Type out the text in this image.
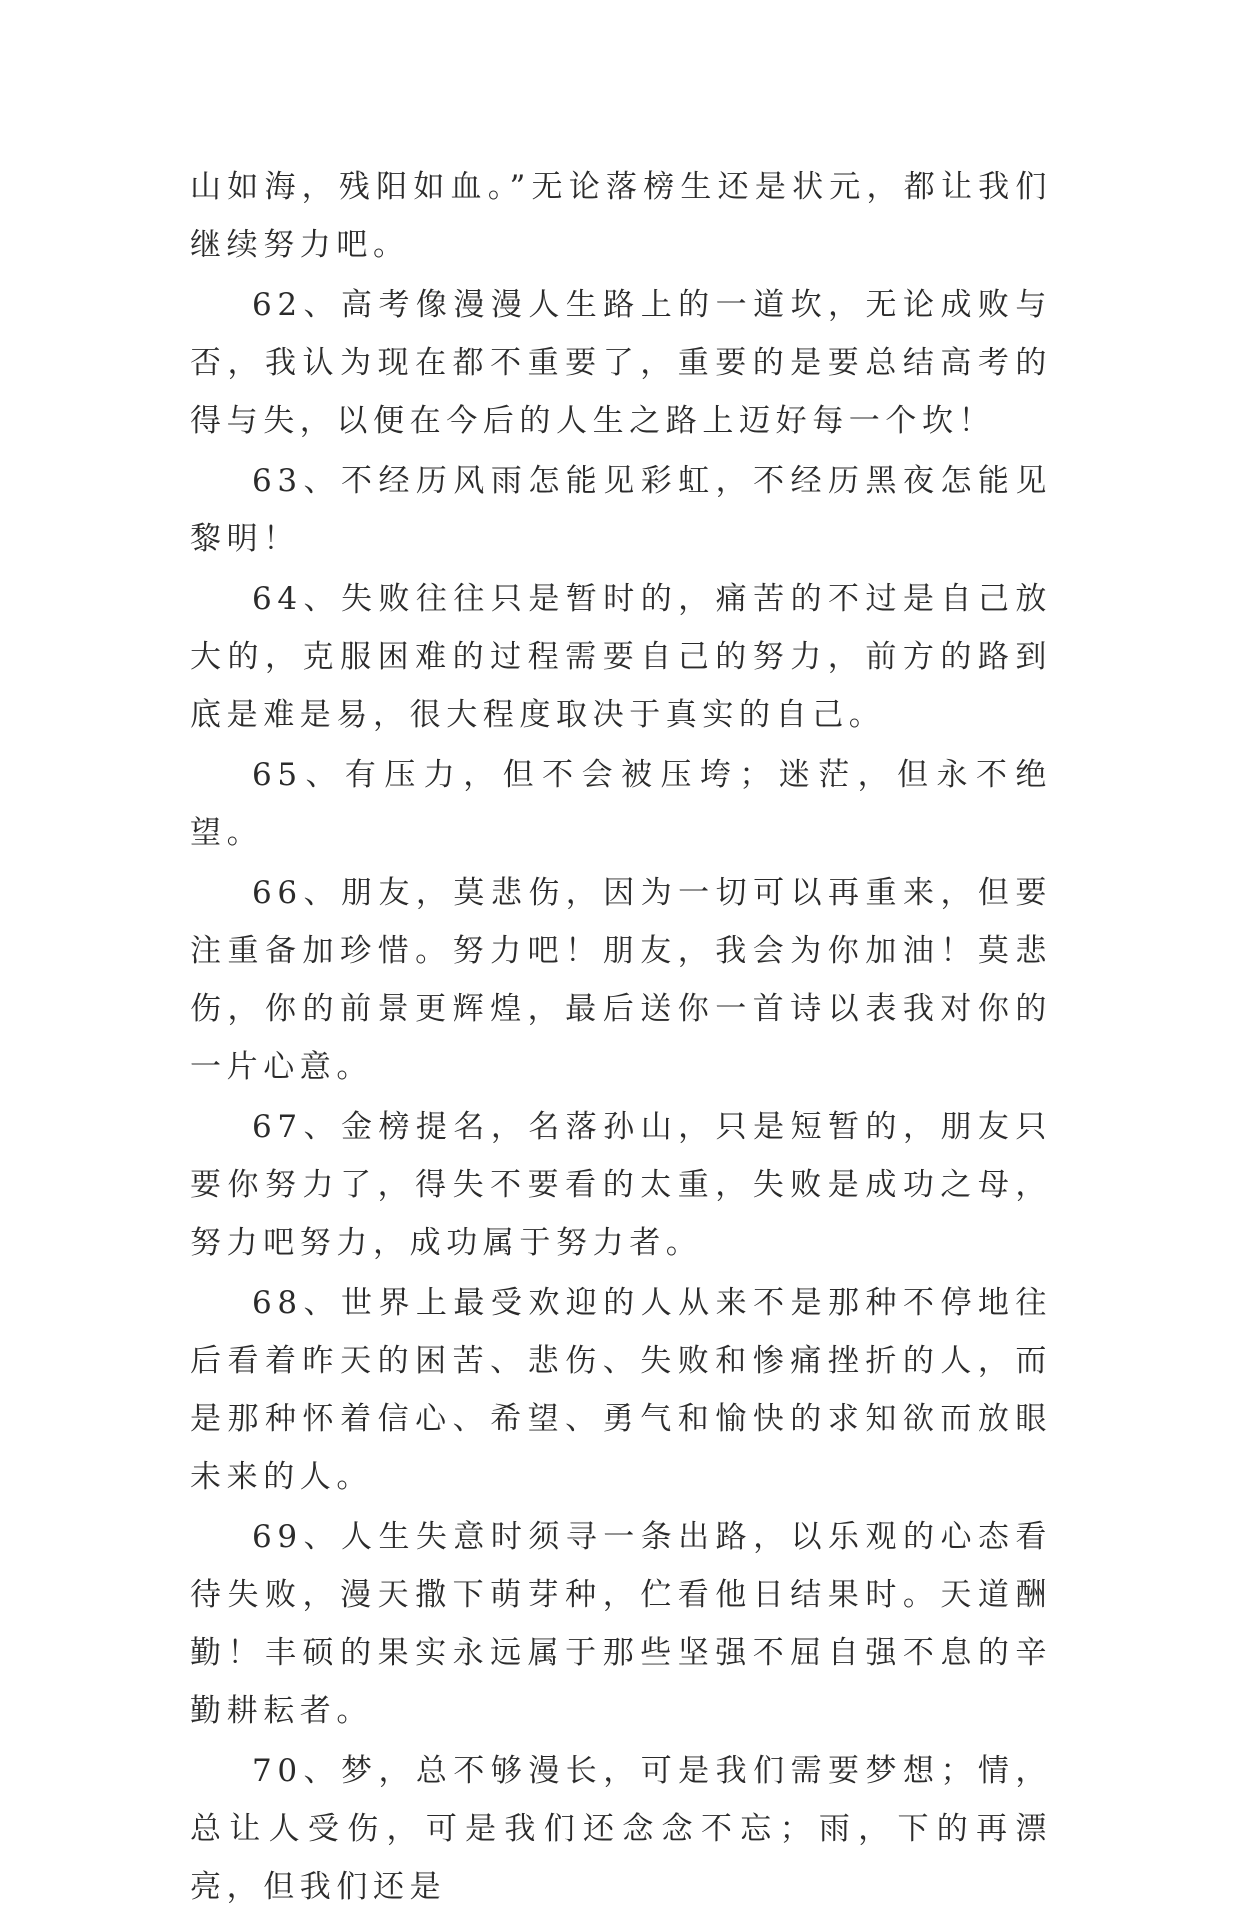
山如海，残阳如血。”无论落榜生还是状元，都让我们继续努力吧。

62、高考像漫漫人生路上的一道坎，无论成败与否，我认为现在都不重要了，重要的是要总结高考的得与失，以便在今后的人生之路上迈好每一个坎！

63、不经历风雨怎能见彩虹，不经历黑夜怎能见黎明！

64、失败往往只是暂时的，痛苦的不过是自己放大的，克服困难的过程需要自己的努力，前方的路到底是难是易，很大程度取决于真实的自己。

65、有压力，但不会被压垮；迷茫，但永不绝望。

66、朋友，莫悲伤，因为一切可以再重来，但要注重备加珍惜。努力吧！朋友，我会为你加油！莫悲伤，你的前景更辉煌，最后送你一首诗以表我对你的一片心意。

67、金榜提名，名落孙山，只是短暂的，朋友只要你努力了，得失不要看的太重，失败是成功之母，努力吧努力，成功属于努力者。

68、世界上最受欢迎的人从来不是那种不停地往后看着昨天的困苦、悲伤、失败和惨痛挫折的人，而是那种怀着信心、希望、勇气和愉快的求知欲而放眼未来的人。

69、人生失意时须寻一条出路，以乐观的心态看待失败，漫天撒下萌芽种，伫看他日结果时。天道酬勤！丰硕的果实永远属于那些坚强不屈自强不息的辛勤耕耘者。

70、梦，总不够漫长，可是我们需要梦想；情，总让人受伤，可是我们还念念不忘；雨，下的再漂亮，但我们还是
